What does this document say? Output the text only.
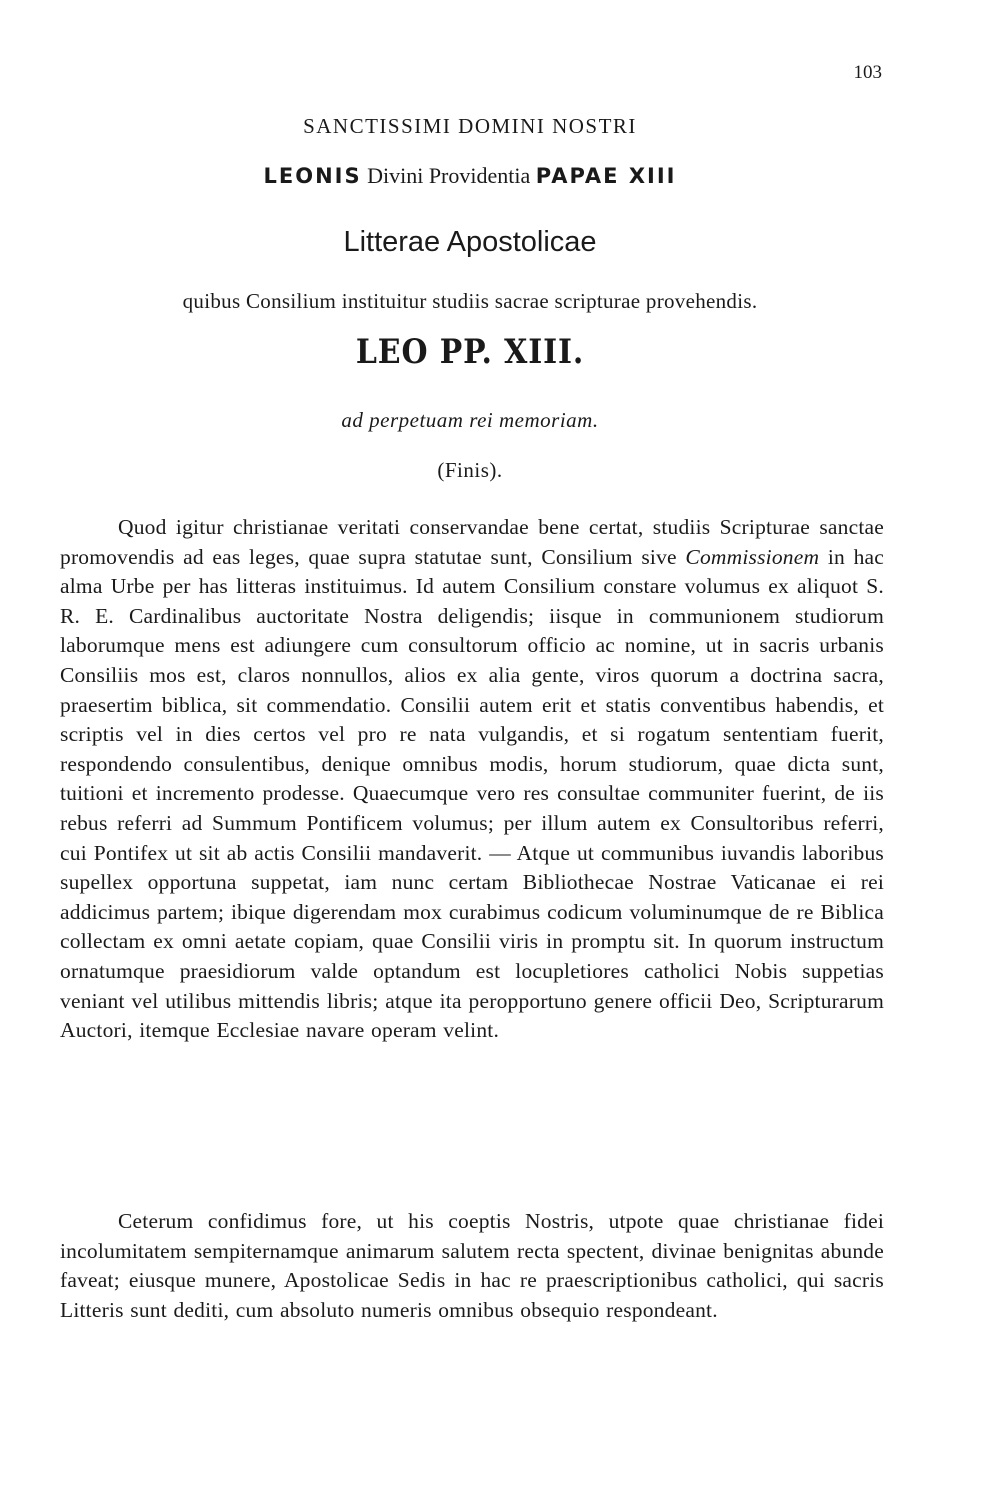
103
SANCTISSIMI DOMINI NOSTRI
LEONIS Divini Providentia PAPAE XIII
Litterae Apostolicae
quibus Consilium instituitur studiis sacrae scripturae provehendis.
LEO PP. XIII.
ad perpetuam rei memoriam.
(Finis).
Quod igitur christianae veritati conservandae bene certat, studiis Scripturae sanctae promovendis ad eas leges, quae supra statutae sunt, Consilium sive Commissionem in hac alma Urbe per has litteras instituimus. Id autem Consilium constare volumus ex aliquot S. R. E. Cardinalibus auctoritate Nostra deligendis; iisque in communionem studiorum laborumque mens est adiungere cum consultorum officio ac nomine, ut in sacris urbanis Consiliis mos est, claros nonnullos, alios ex alia gente, viros quorum a doctrina sacra, praesertim biblica, sit commendatio. Consilii autem erit et statis conventibus habendis, et scriptis vel in dies certos vel pro re nata vulgandis, et si rogatum sententiam fuerit, respondendo consulentibus, denique omnibus modis, horum studiorum, quae dicta sunt, tuitioni et incremento prodesse. Quaecumque vero res consultae communiter fuerint, de iis rebus referri ad Summum Pontificem volumus; per illum autem ex Consultoribus referri, cui Pontifex ut sit ab actis Consilii mandaverit. — Atque ut communibus iuvandis laboribus supellex opportuna suppetat, iam nunc certam Bibliothecae Nostrae Vaticanae ei rei addicimus partem; ibique digerendam mox curabimus codicum voluminumque de re Biblica collectam ex omni aetate copiam, quae Consilii viris in promptu sit. In quorum instructum ornatumque praesidiorum valde optandum est locupletiores catholici Nobis suppetias veniant vel utilibus mittendis libris; atque ita peropportuno genere officii Deo, Scripturarum Auctori, itemque Ecclesiae navare operam velint.
Ceterum confidimus fore, ut his coeptis Nostris, utpote quae christianae fidei incolumitatem sempiternamque animarum salutem recta spectent, divinae benignitas abunde faveat; eiusque munere, Apostolicae Sedis in hac re praescriptionibus catholici, qui sacris Litteris sunt dediti, cum absoluto numeris omnibus obsequio respondeant.
